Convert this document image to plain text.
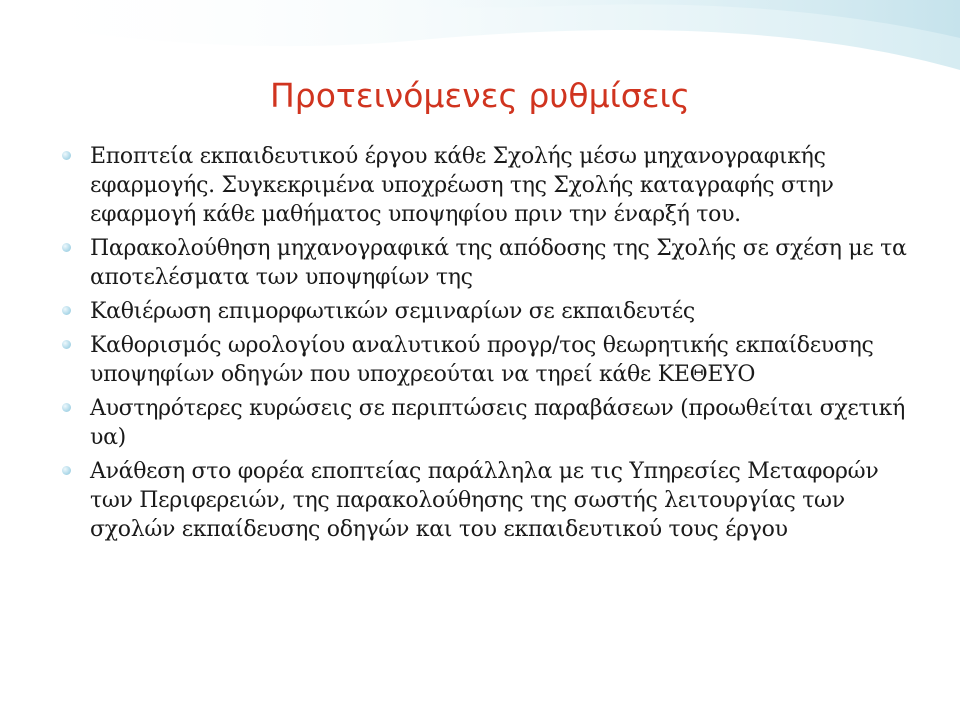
Προτεινόμενες ρυθμίσεις
Εποπτεία εκπαιδευτικού έργου κάθε Σχολής μέσω μηχανογραφικής εφαρμογής. Συγκεκριμένα υποχρέωση της Σχολής καταγραφής στην εφαρμογή κάθε μαθήματος υποψηφίου πριν την έναρξή του.
Παρακολούθηση μηχανογραφικά της απόδοσης της Σχολής σε σχέση με τα αποτελέσματα των υποψηφίων της
Καθιέρωση επιμορφωτικών σεμιναρίων σε εκπαιδευτές
Καθορισμός ωρολογίου αναλυτικού προγρ/τος θεωρητικής εκπαίδευσης υποψηφίων οδηγών που υποχρεούται να τηρεί κάθε ΚΕΘΕΥΟ
Αυστηρότερες κυρώσεις σε περιπτώσεις παραβάσεων (προωθείται σχετική υα)
Ανάθεση στο φορέα εποπτείας παράλληλα με τις Υπηρεσίες Μεταφορών των Περιφερειών, της παρακολούθησης της σωστής λειτουργίας των σχολών εκπαίδευσης οδηγών και του εκπαιδευτικού τους έργου
